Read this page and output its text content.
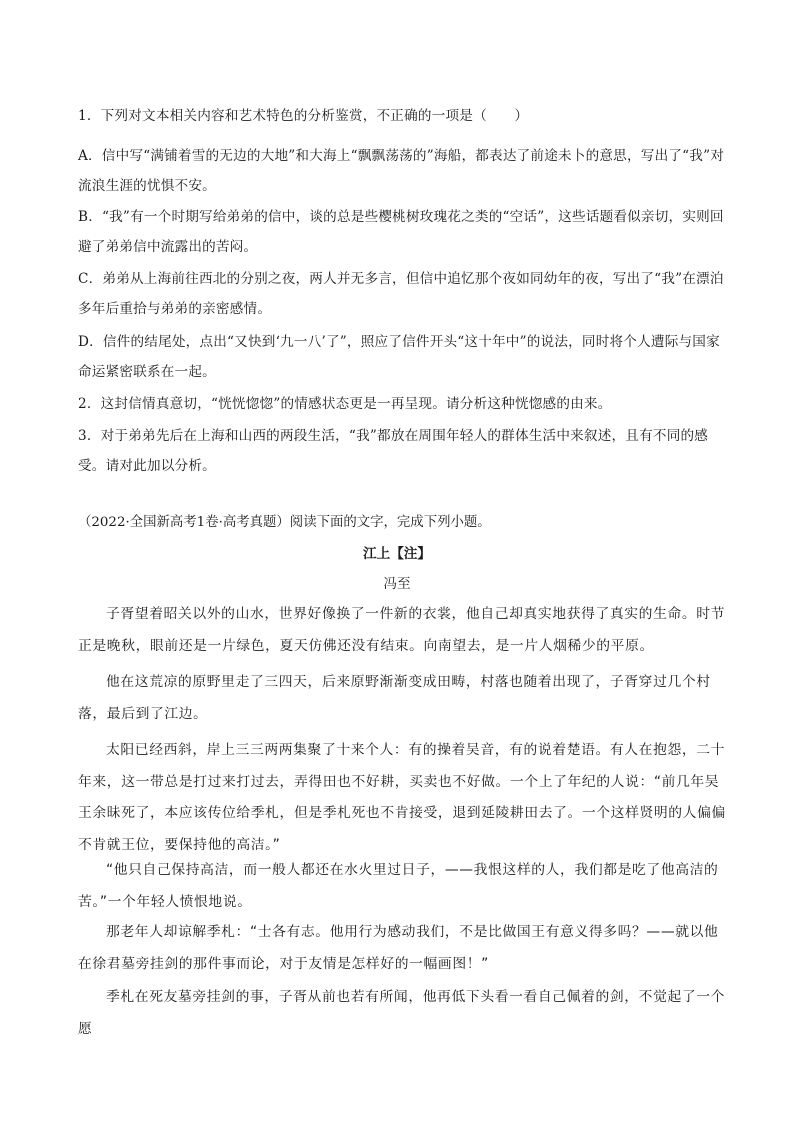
1．下列对文本相关内容和艺术特色的分析鉴赏，不正确的一项是（　　）
A．信中写“满铺着雪的无边的大地”和大海上“飘飘荡荡的”海船，都表达了前途未卜的意思，写出了“我”对流浪生涯的忧惧不安。
B．“我”有一个时期写给弟弟的信中，谈的总是些樱桃树玫瑰花之类的“空话”，这些话题看似亲切，实则回避了弟弟信中流露出的苦闷。
C．弟弟从上海前往西北的分别之夜，两人并无多言，但信中追忆那个夜如同幼年的夜，写出了“我”在漂泊多年后重拾与弟弟的亲密感情。
D．信件的结尾处，点出“又快到‘九一八’了”，照应了信件开头“这十年中”的说法，同时将个人遭际与国家命运紧密联系在一起。
2．这封信情真意切，“恍恍惚惚”的情感状态更是一再呈现。请分析这种恍惚感的由来。
3．对于弟弟先后在上海和山西的两段生活，“我”都放在周围年轻人的群体生活中来叙述，且有不同的感受。请对此加以分析。
（2022·全国新高考1卷·高考真题）阅读下面的文字，完成下列小题。
江上【注】
冯至
子胥望着昭关以外的山水，世界好像换了一件新的衣裳，他自己却真实地获得了真实的生命。时节正是晚秋，眼前还是一片绿色，夏天仿佛还没有结束。向南望去，是一片人烟稀少的平原。
他在这荒凉的原野里走了三四天，后来原野渐渐变成田畴，村落也随着出现了，子胥穿过几个村落，最后到了江边。
太阳已经西斜，岸上三三两两集聚了十来个人：有的操着吴音，有的说着楚语。有人在抱怨，二十年来，这一带总是打过来打过去，弄得田也不好耕，买卖也不好做。一个上了年纪的人说：“前几年吴王余昧死了，本应该传位给季札，但是季札死也不肯接受，退到延陵耕田去了。一个这样贤明的人偏偏不肯就王位，要保持他的高洁。”
“他只自己保持高洁，而一般人都还在水火里过日子，——我恨这样的人，我们都是吃了他高洁的苦。”一个年轻人愤恨地说。
那老年人却谅解季札：“士各有志。他用行为感动我们，不是比做国王有意义得多吗？——就以他在徐君墓旁挂剑的那件事而论，对于友情是怎样好的一幅画图！”
季札在死友墓旁挂剑的事，子胥从前也若有所闻，他再低下头看一看自己佩着的剑，不觉起了一个愿
